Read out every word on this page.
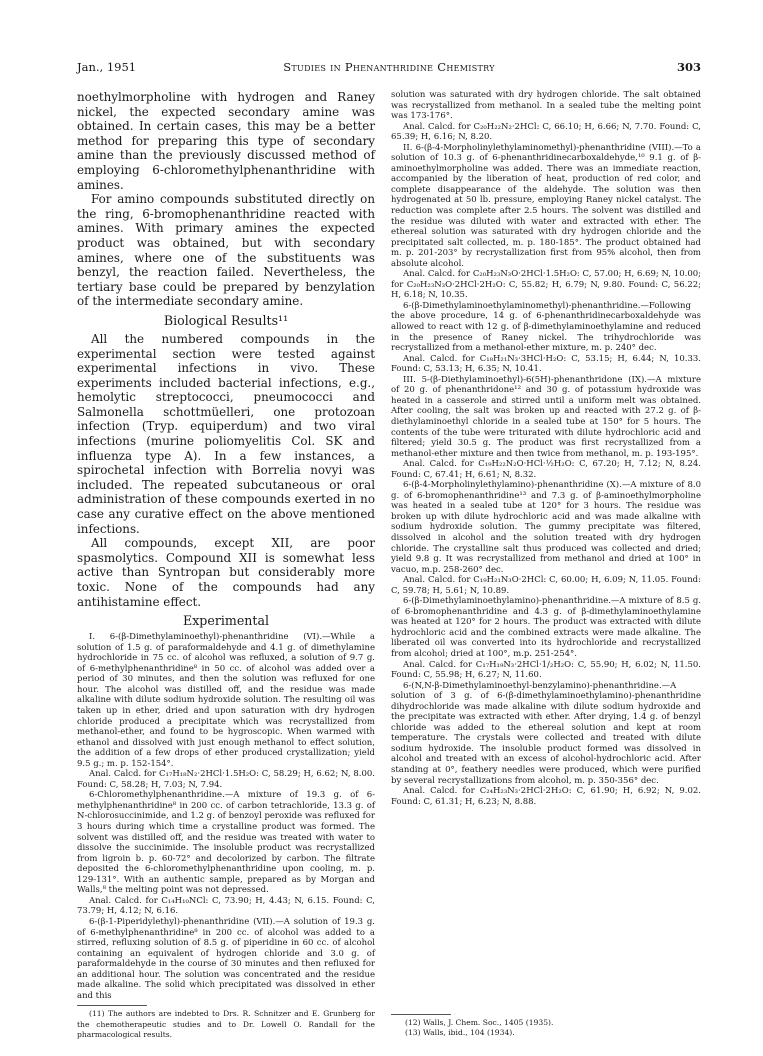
Jan., 1951	Studies in Phenanthridine Chemistry	303

noethylmorpholine with hydrogen and Raney nickel, the expected secondary amine was obtained. In certain cases, this may be a better method for preparing this type of secondary amine than the previously discussed method of employing 6-chloromethylphenanthridine with amines.

For amino compounds substituted directly on the ring, 6-bromophenanthridine reacted with amines. With primary amines the expected product was obtained, but with secondary amines, where one of the substituents was benzyl, the reaction failed. Nevertheless, the tertiary base could be prepared by benzylation of the intermediate secondary amine.

Biological Results¹¹

All the numbered compounds in the experimental section were tested against experimental infections in vivo. These experiments included bacterial infections, e.g., hemolytic streptococci, pneumococci and Salmonella schottmüelleri, one protozoan infection (Tryp. equiperdum) and two viral infections (murine poliomyelitis Col. SK and influenza type A). In a few instances, a spirochetal infection with Borrelia novyi was included. The repeated subcutaneous or oral administration of these compounds exerted in no case any curative effect on the above mentioned infections.

All compounds, except XII, are poor spasmolytics. Compound XII is somewhat less active than Syntropan but considerably more toxic. None of the compounds had any antihistamine effect.

Experimental

I. 6-(β-Dimethylaminoethyl)-phenanthridine (VI).—While a solution of 1.5 g. of paraformaldehyde and 4.1 g. of dimethylamine hydrochloride in 75 cc. of alcohol was refluxed, a solution of 9.7 g. of 6-methylphenanthridine⁸ in 50 cc. of alcohol was added over a period of 30 minutes, and then the solution was refluxed for one hour. The alcohol was distilled off, and the residue was made alkaline with dilute sodium hydroxide solution. The resulting oil was taken up in ether, dried and upon saturation with dry hydrogen chloride produced a precipitate which was recrystallized from methanol-ether, and found to be hygroscopic. When warmed with ethanol and dissolved with just enough methanol to effect solution, the addition of a few drops of ether produced crystallization; yield 9.5 g.; m. p. 152-154°.

Anal. Calcd. for C₁₇H₁₈N₂·2HCl·1.5H₂O: C, 58.29; H, 6.62; N, 8.00. Found: C, 58.28; H, 7.03; N, 7.94.

6-Chloromethylphenanthridine.—A mixture of 19.3 g. of 6-methylphenanthridine⁸ in 200 cc. of carbon tetrachloride, 13.3 g. of N-chlorosuccinimide, and 1.2 g. of benzoyl peroxide was refluxed for 3 hours during which time a crystalline product was formed. The solvent was distilled off, and the residue was treated with water to dissolve the succinimide. The insoluble product was recrystallized from ligroin b. p. 60-72° and decolorized by carbon. The filtrate deposited the 6-chloromethylphenanthridine upon cooling, m. p. 129-131°. With an authentic sample, prepared as by Morgan and Walls,⁸ the melting point was not depressed.

Anal. Calcd. for C₁₄H₁₀NCl: C, 73.90; H, 4.43; N, 6.15. Found: C, 73.79; H, 4.12; N, 6.16.

6-(β-1-Piperidylethyl)-phenanthridine (VII).—A solution of 19.3 g. of 6-methylphenanthridine⁸ in 200 cc. of alcohol was added to a stirred, refluxing solution of 8.5 g. of piperidine in 60 cc. of alcohol containing an equivalent of hydrogen chloride and 3.0 g. of paraformaldehyde in the course of 30 minutes and then refluxed for an additional hour. The solution was concentrated and the residue made alkaline. The solid which precipitated was dissolved in ether and this

(11) The authors are indebted to Drs. R. Schnitzer and E. Grunberg for the chemotherapeutic studies and to Dr. Lowell O. Randall for the pharmacological results.

solution was saturated with dry hydrogen chloride. The salt obtained was recrystallized from methanol. In a sealed tube the melting point was 173-176°.

Anal. Calcd. for C₂₀H₂₂N₂·2HCl: C, 66.10; H, 6.66; N, 7.70. Found: C, 65.39; H, 6.16; N, 8.20.

II. 6-(β-4-Morpholinylethylaminomethyl)-phenanthridine (VIII).—To a solution of 10.3 g. of 6-phenanthridinecarboxaldehyde,¹⁰ 9.1 g. of β-aminoethylmorpholine was added. There was an immediate reaction, accompanied by the liberation of heat, production of red color, and complete disappearance of the aldehyde. The solution was then hydrogenated at 50 lb. pressure, employing Raney nickel catalyst. The reduction was complete after 2.5 hours. The solvent was distilled and the residue was diluted with water and extracted with ether. The ethereal solution was saturated with dry hydrogen chloride and the precipitated salt collected, m. p. 180-185°. The product obtained had m. p. 201-203° by recrystallization first from 95% alcohol, then from absolute alcohol.

Anal. Calcd. for C₂₀H₂₃N₃O·2HCl·1.5H₂O: C, 57.00; H, 6.69; N, 10.00; for C₂₀H₂₃N₃O·2HCl·2H₂O: C, 55.82; H, 6.79; N, 9.80. Found: C, 56.22; H, 6.18; N, 10.35.

6-(β-Dimethylaminoethylaminomethyl)-phenanthridine.—Following the above procedure, 14 g. of 6-phenanthridinecarboxaldehyde was allowed to react with 12 g. of β-dimethylaminoethylamine and reduced in the presence of Raney nickel. The trihydrochloride was recrystallized from a methanol-ether mixture, m. p. 240° dec.

Anal. Calcd. for C₁₈H₂₁N₃·3HCl·H₂O: C, 53.15; H, 6.44; N, 10.33. Found: C, 53.13; H, 6.35; N, 10.41.

III. 5-(β-Diethylaminoethyl)-6(5H)-phenanthridone (IX).—A mixture of 20 g. of phenanthridone¹² and 30 g. of potassium hydroxide was heated in a casserole and stirred until a uniform melt was obtained. After cooling, the salt was broken up and reacted with 27.2 g. of β-diethylaminoethyl chloride in a sealed tube at 150° for 5 hours. The contents of the tube were triturated with dilute hydrochloric acid and filtered; yield 30.5 g. The product was first recrystallized from a methanol-ether mixture and then twice from methanol, m. p. 193-195°.

Anal. Calcd. for C₁₉H₂₂N₂O·HCl·½H₂O: C, 67.20; H, 7.12; N, 8.24. Found: C, 67.41; H, 6.61; N, 8.32.

6-(β-4-Morpholinylethylamino)-phenanthridine (X).—A mixture of 8.0 g. of 6-bromophenanthridine¹³ and 7.3 g. of β-aminoethylmorpholine was heated in a sealed tube at 120° for 3 hours. The residue was broken up with dilute hydrochloric acid and was made alkaline with sodium hydroxide solution. The gummy precipitate was filtered, dissolved in alcohol and the solution treated with dry hydrogen chloride. The crystalline salt thus produced was collected and dried; yield 9.8 g. It was recrystallized from methanol and dried at 100° in vacuo, m.p. 258-260° dec.

Anal. Calcd. for C₁₉H₂₁N₃O·2HCl: C, 60.00; H, 6.09; N, 11.05. Found: C, 59.78; H, 5.61; N, 10.89.

6-(β-Dimethylaminoethylamino)-phenanthridine.—A mixture of 8.5 g. of 6-bromophenanthridine and 4.3 g. of β-dimethylaminoethylamine was heated at 120° for 2 hours. The product was extracted with dilute hydrochloric acid and the combined extracts were made alkaline. The liberated oil was converted into its hydrochloride and recrystallized from alcohol; dried at 100°, m.p. 251-254°.

Anal. Calcd. for C₁₇H₁₉N₃·2HCl·1/₂H₂O: C, 55.90; H, 6.02; N, 11.50. Found: C, 55.98; H, 6.27; N, 11.60.

6-(N,N-β-Dimethylaminoethyl-benzylamino)-phenanthridine.—A solution of 3 g. of 6-(β-dimethylaminoethylamino)-phenanthridine dihydrochloride was made alkaline with dilute sodium hydroxide and the precipitate was extracted with ether. After drying, 1.4 g. of benzyl chloride was added to the ethereal solution and kept at room temperature. The crystals were collected and treated with dilute sodium hydroxide. The insoluble product formed was dissolved in alcohol and treated with an excess of alcohol-hydrochloric acid. After standing at 0°, feathery needles were produced, which were purified by several recrystallizations from alcohol, m. p. 350-356° dec.

Anal. Calcd. for C₂₄H₂₃N₃·2HCl·2H₂O: C, 61.90; H, 6.92; N, 9.02. Found: C, 61.31; H, 6.23; N, 8.88.

(12) Walls, J. Chem. Soc., 1405 (1935).

(13) Walls, ibid., 104 (1934).
